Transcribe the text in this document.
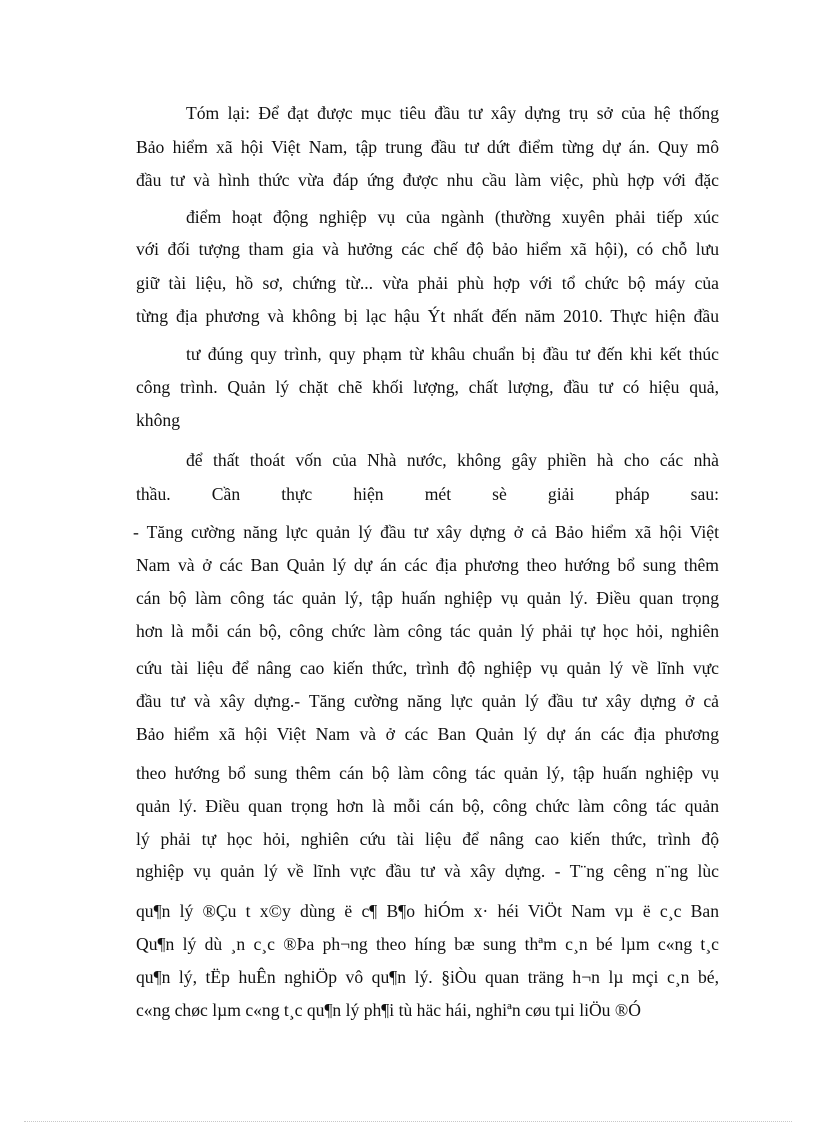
Tóm lại: Để đạt được mục tiêu đầu tư xây dựng trụ sở của hệ thống
Bảo hiểm xã hội Việt Nam, tập trung đầu tư dứt điểm từng dự án. Quy mô
đầu tư và hình thức vừa đáp ứng được nhu cầu làm việc, phù hợp với đặc
điểm hoạt động nghiệp vụ của ngành (thường xuyên phải tiếp xúc
với đối tượng tham gia và hưởng các chế độ bảo hiểm xã hội), có chỗ lưu
giữ tài liệu, hồ sơ, chứng từ... vừa phải phù hợp với tổ chức bộ máy của
từng địa phương và không bị lạc hậu Ýt nhất đến năm 2010. Thực hiện đầu
tư đúng quy trình, quy phạm từ khâu chuẩn bị đầu tư đến khi kết thúc
công trình. Quản lý chặt chẽ khối lượng, chất lượng, đầu tư có hiệu quả,
không
để thất thoát vốn của Nhà nước, không gây phiền hà cho các nhà
thầu. Cần thực hiện mét sè giải pháp sau:
- Tăng cường năng lực quản lý đầu tư xây dựng ở cả Bảo hiểm xã hội Việt
Nam và ở các Ban Quản lý dự án các địa phương theo hướng bổ sung thêm
cán bộ làm công tác quản lý, tập huấn nghiệp vụ quản lý. Điều quan trọng
hơn là mỗi cán bộ, công chức làm công tác quản lý phải tự học hỏi, nghiên
cứu tài liệu để nâng cao kiến thức, trình độ nghiệp vụ quản lý về lĩnh vực
đầu tư và xây dựng.- Tăng cường năng lực quản lý đầu tư xây dựng ở cả
Bảo hiểm xã hội Việt Nam và ở các Ban Quản lý dự án các địa phương
theo hướng bổ sung thêm cán bộ làm công tác quản lý, tập huấn nghiệp vụ
quản lý. Điều quan trọng hơn là mỗi cán bộ, công chức làm công tác quản
lý phải tự học hỏi, nghiên cứu tài liệu để nâng cao kiến thức, trình độ
nghiệp vụ quản lý về lĩnh vực đầu tư và xây dựng. - T¨ng cêng n¨ng lùc
qu¶n lý ®Çu t x©y dùng ë c¶ B¶o hiÓm x· héi ViÖt Nam vµ ë c¸c Ban
Qu¶n lý dù ¸n c¸c ®Þa ph¬ng theo híng bæ sung thªm c¸n bé lµm c«ng t¸c
qu¶n lý, tËp huÊn nghiÖp vô qu¶n lý. §iÒu quan träng h¬n lµ mçi c¸n bé,
c«ng chøc lµm c«ng t¸c qu¶n lý ph¶i tù häc hái, nghiªn cøu tµi liÖu ®Ó
